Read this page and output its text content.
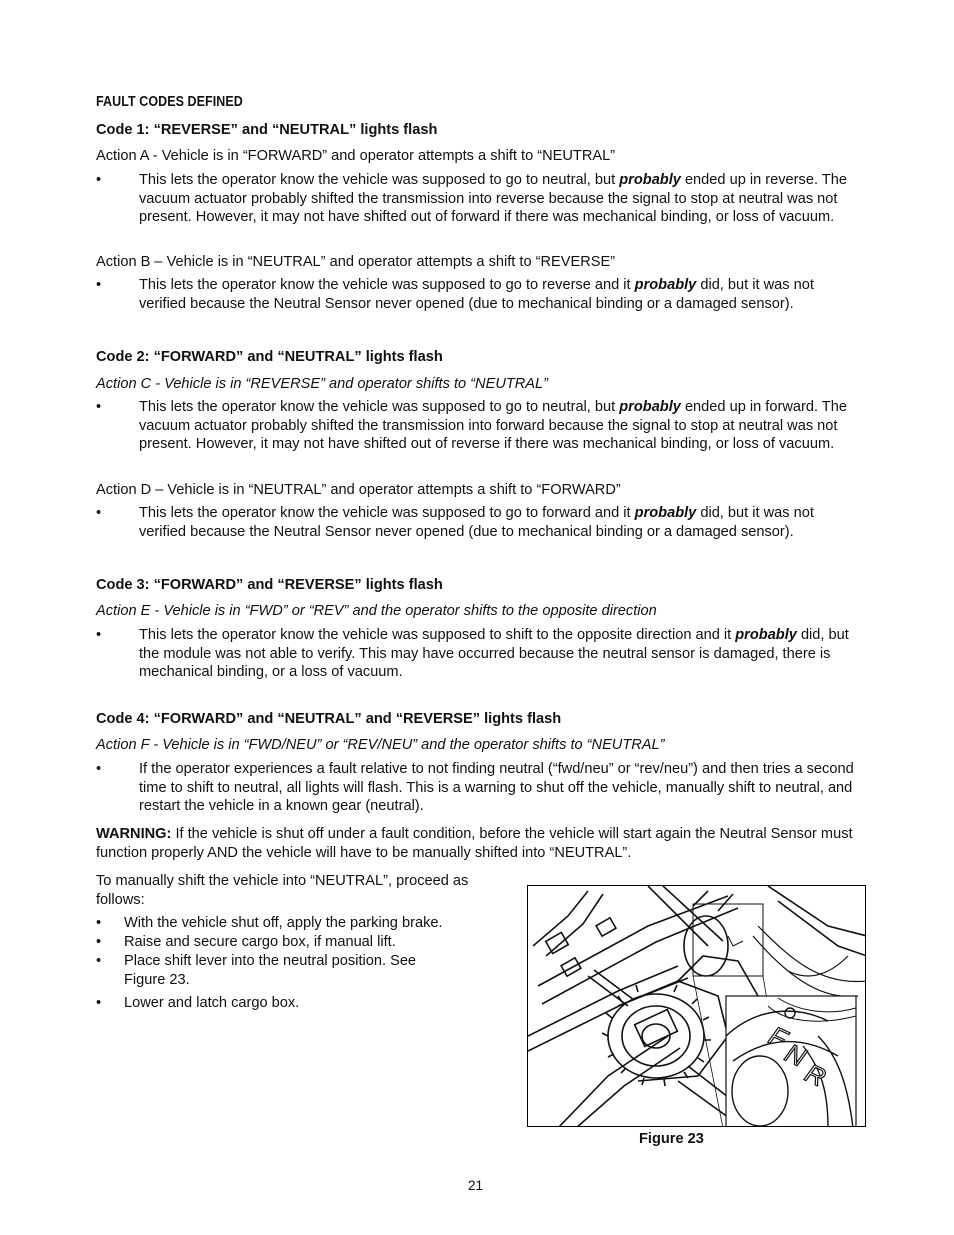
FAULT CODES DEFINED
Code 1: “REVERSE” and “NEUTRAL” lights flash
Action A - Vehicle is in “FORWARD” and operator attempts a shift to “NEUTRAL”
•	This lets the operator know the vehicle was supposed to go to neutral, but probably ended up in reverse. The vacuum actuator probably shifted the transmission into reverse because the signal to stop at neutral was not present. However, it may not have shifted out of forward if there was mechanical binding, or loss of vacuum.
Action B – Vehicle is in “NEUTRAL” and operator attempts a shift to “REVERSE”
•	This lets the operator know the vehicle was supposed to go to reverse and it probably did, but it was not verified because the Neutral Sensor never opened (due to mechanical binding or a damaged sensor).
Code 2: “FORWARD” and “NEUTRAL” lights flash
Action C - Vehicle is in “REVERSE” and operator shifts to “NEUTRAL”
•	This lets the operator know the vehicle was supposed to go to neutral, but probably ended up in forward. The vacuum actuator probably shifted the transmission into forward because the signal to stop at neutral was not present. However, it may not have shifted out of reverse if there was mechanical binding, or loss of vacuum.
Action D – Vehicle is in “NEUTRAL” and operator attempts a shift to “FORWARD”
•	This lets the operator know the vehicle was supposed to go to forward and it probably did, but it was not verified because the Neutral Sensor never opened (due to mechanical binding or a damaged sensor).
Code 3: “FORWARD” and “REVERSE” lights flash
Action E - Vehicle is in “FWD” or “REV” and the operator shifts to the opposite direction
•	This lets the operator know the vehicle was supposed to shift to the opposite direction and it probably did, but the module was not able to verify. This may have occurred because the neutral sensor is damaged, there is mechanical binding, or a loss of vacuum.
Code 4: “FORWARD” and “NEUTRAL” and “REVERSE” lights flash
Action F - Vehicle is in “FWD/NEU” or “REV/NEU” and the operator shifts to “NEUTRAL”
•	If the operator experiences a fault relative to not finding neutral (“fwd/neu” or “rev/neu”) and then tries a second time to shift to neutral, all lights will flash. This is a warning to shut off the vehicle, manually shift to neutral, and restart the vehicle in a known gear (neutral).
WARNING: If the vehicle is shut off under a fault condition, before the vehicle will start again the Neutral Sensor must function properly AND the vehicle will have to be manually shifted into “NEUTRAL”.
To manually shift the vehicle into “NEUTRAL”, proceed as follows:
• With the vehicle shut off, apply the parking brake.
• Raise and secure cargo box, if manual lift.
• Place shift lever into the neutral position. See Figure 23.
• Lower and latch cargo box.
F
N
R
Figure 23
21
